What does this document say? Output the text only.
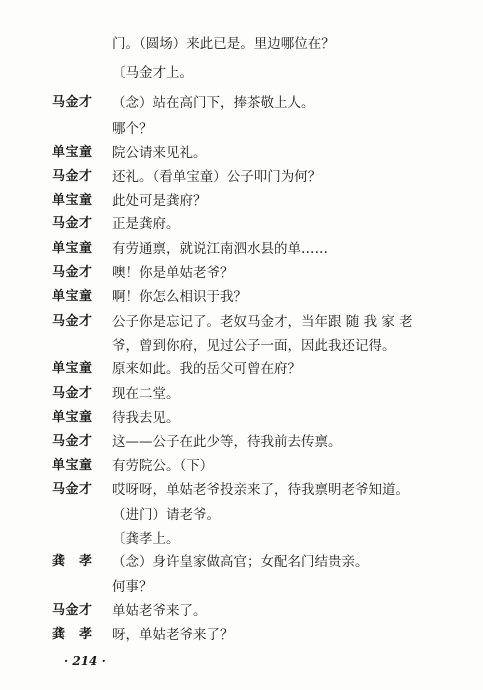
门。（圆场）来此已是。里边哪位在？
〔马金才上。
马金才	（念）站在高门下，捧茶敬上人。
哪个？
单宝童	院公请来见礼。
马金才	还礼。（看单宝童）公子叩门为何？
单宝童	此处可是龚府？
马金才	正是龚府。
单宝童	有劳通禀，就说江南泗水县的单……
马金才	噢！你是单姑老爷？
单宝童	啊！你怎么相识于我？
马金才	公子你是忘记了。老奴马金才，当年跟 随 我 家 老
爷，曾到你府，见过公子一面，因此我还记得。
单宝童	原来如此。我的岳父可曾在府？
马金才	现在二堂。
单宝童	待我去见。
马金才	这——公子在此少等，待我前去传禀。
单宝童	有劳院公。（下）
马金才	哎呀呀，单姑老爷投亲来了，待我禀明老爷知道。
（进门）请老爷。
〔龚孝上。
龚　孝	（念）身许皇家做高官；女配名门结贵亲。
何事？
马金才	单姑老爷来了。
龚　孝	呀，单姑老爷来了？
· 214 ·
